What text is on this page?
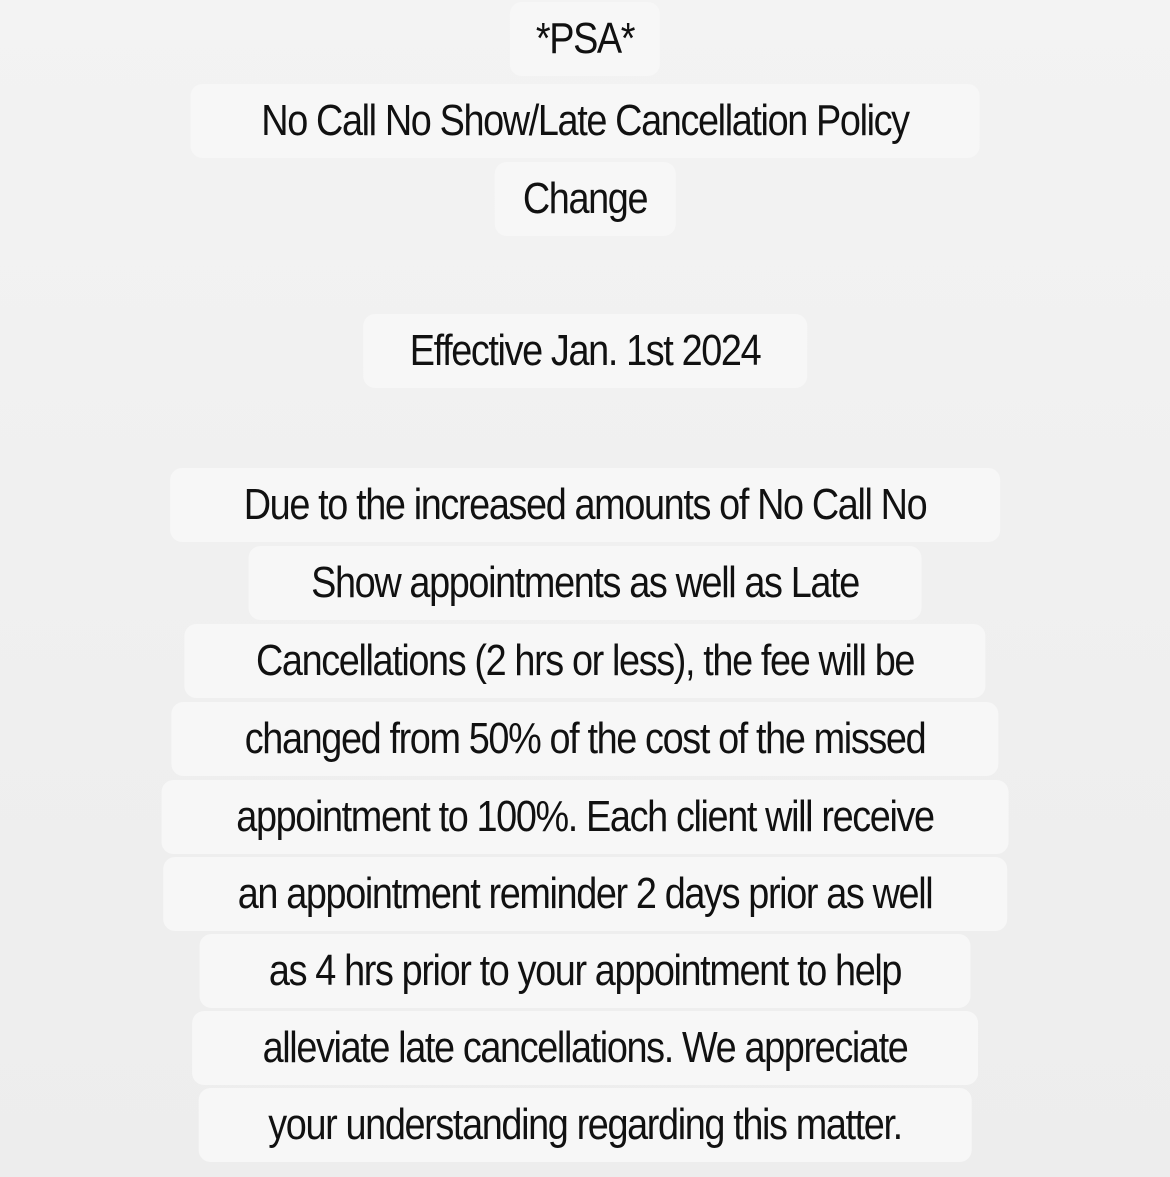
*PSA*
No Call No Show/Late Cancellation Policy
Change
Effective Jan. 1st 2024
Due to the increased amounts of No Call No
Show appointments as well as Late
Cancellations (2 hrs or less), the fee will be
changed from 50% of the cost of the missed
appointment to 100%. Each client will receive
an appointment reminder 2 days prior as well
as 4 hrs prior to your appointment to help
alleviate late cancellations. We appreciate
your understanding regarding this matter.
